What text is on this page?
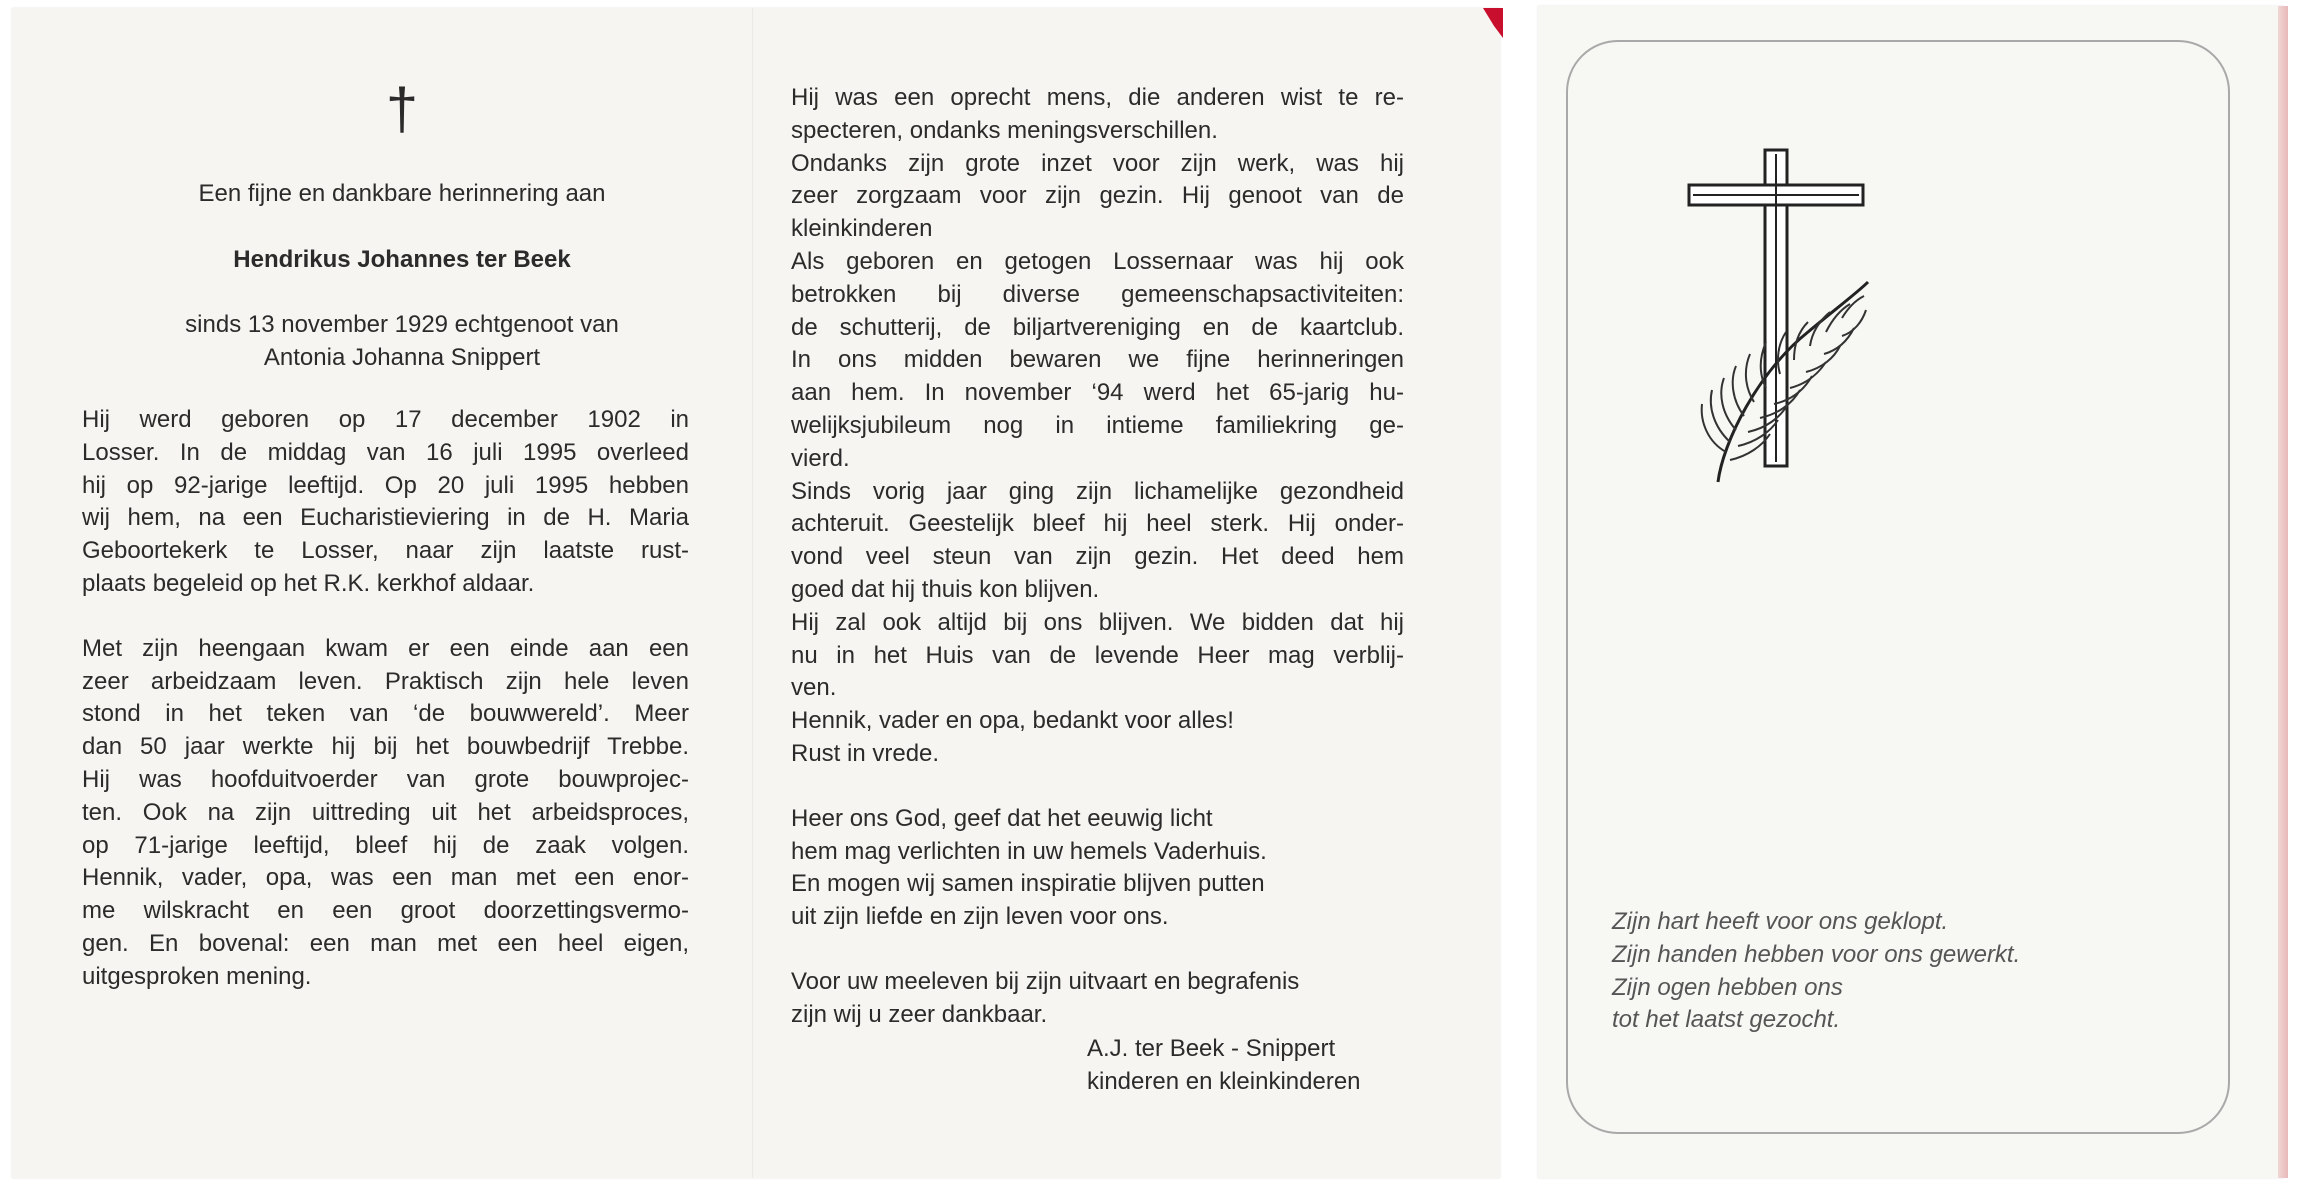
†
Een fijne en dankbare herinnering aan
Hendrikus Johannes ter Beek
sinds 13 november 1929 echtgenoot van
Antonia Johanna Snippert

Hij werd geboren op 17 december 1902 in

Losser. In de middag van 16 juli 1995 overleed

hij op 92-jarige leeftijd. Op 20 juli 1995 hebben

wij hem, na een Eucharistieviering in de H. Maria

Geboortekerk te Losser, naar zijn laatste rust-

plaats begeleid op het R.K. kerkhof aldaar.

Met zijn heengaan kwam er een einde aan een

zeer arbeidzaam leven. Praktisch zijn hele leven

stond in het teken van ‘de bouwwereld’. Meer

dan 50 jaar werkte hij bij het bouwbedrijf Trebbe.

Hij was hoofduitvoerder van grote bouwprojec-

ten. Ook na zijn uittreding uit het arbeidsproces,

op 71-jarige leeftijd, bleef hij de zaak volgen.

Hennik, vader, opa, was een man met een enor-

me wilskracht en een groot doorzettingsvermo-

gen. En bovenal: een man met een heel eigen,

uitgesproken mening.

Hij was een oprecht mens, die anderen wist te re-

specteren, ondanks meningsverschillen.

Ondanks zijn grote inzet voor zijn werk, was hij

zeer zorgzaam voor zijn gezin. Hij genoot van de

kleinkinderen

Als geboren en getogen Lossernaar was hij ook

betrokken bij diverse gemeenschapsactiviteiten:

de schutterij, de biljartvereniging en de kaartclub.

In ons midden bewaren we fijne herinneringen

aan hem. In november ‘94 werd het 65-jarig hu-

welijksjubileum nog in intieme familiekring ge-

vierd.

Sinds vorig jaar ging zijn lichamelijke gezondheid

achteruit. Geestelijk bleef hij heel sterk. Hij onder-

vond veel steun van zijn gezin. Het deed hem

goed dat hij thuis kon blijven.

Hij zal ook altijd bij ons blijven. We bidden dat hij

nu in het Huis van de levende Heer mag verblij-

ven.

Hennik, vader en opa, bedankt voor alles!

Rust in vrede.

Heer ons God, geef dat het eeuwig licht

hem mag verlichten in uw hemels Vaderhuis.

En mogen wij samen inspiratie blijven putten

uit zijn liefde en zijn leven voor ons.

Voor uw meeleven bij zijn uitvaart en begrafenis

zijn wij u zeer dankbaar.

A.J. ter Beek - Snippert
kinderen en kleinkinderen

Zijn hart heeft voor ons geklopt.

Zijn handen hebben voor ons gewerkt.

Zijn ogen hebben ons

tot het laatst gezocht.
